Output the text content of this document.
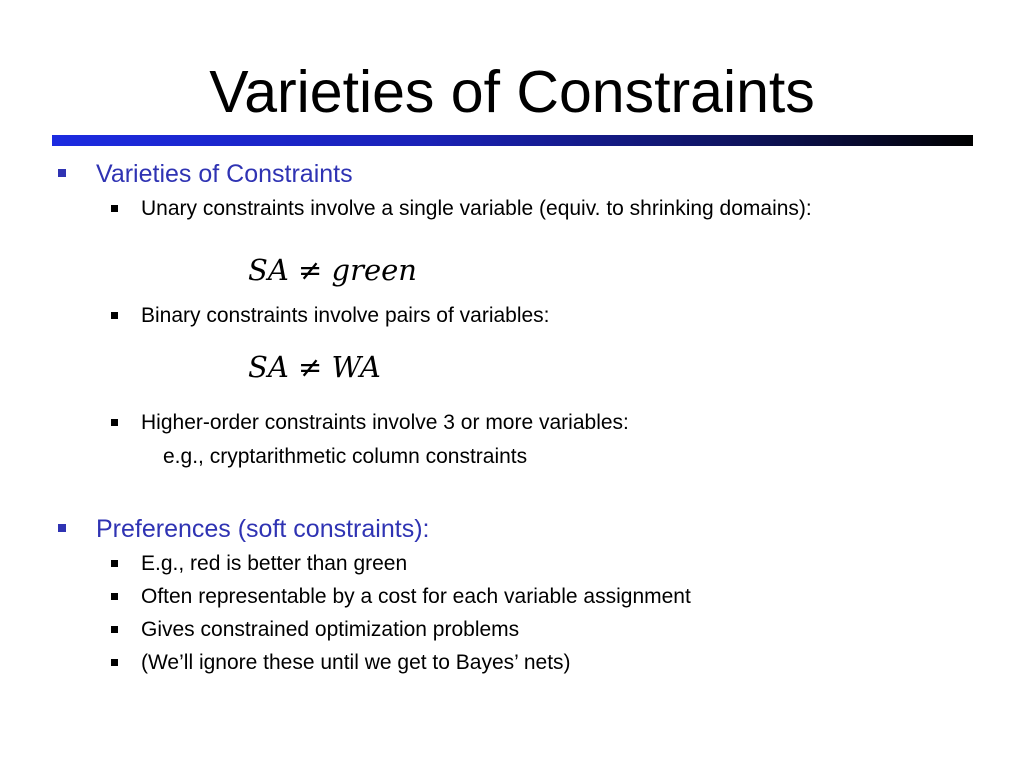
Varieties of Constraints
Varieties of Constraints
Unary constraints involve a single variable (equiv. to shrinking domains):
SA ≠ green
Binary constraints involve pairs of variables:
SA ≠ WA
Higher-order constraints involve 3 or more variables:
e.g., cryptarithmetic column constraints
Preferences (soft constraints):
E.g., red is better than green
Often representable by a cost for each variable assignment
Gives constrained optimization problems
(We’ll ignore these until we get to Bayes’ nets)
